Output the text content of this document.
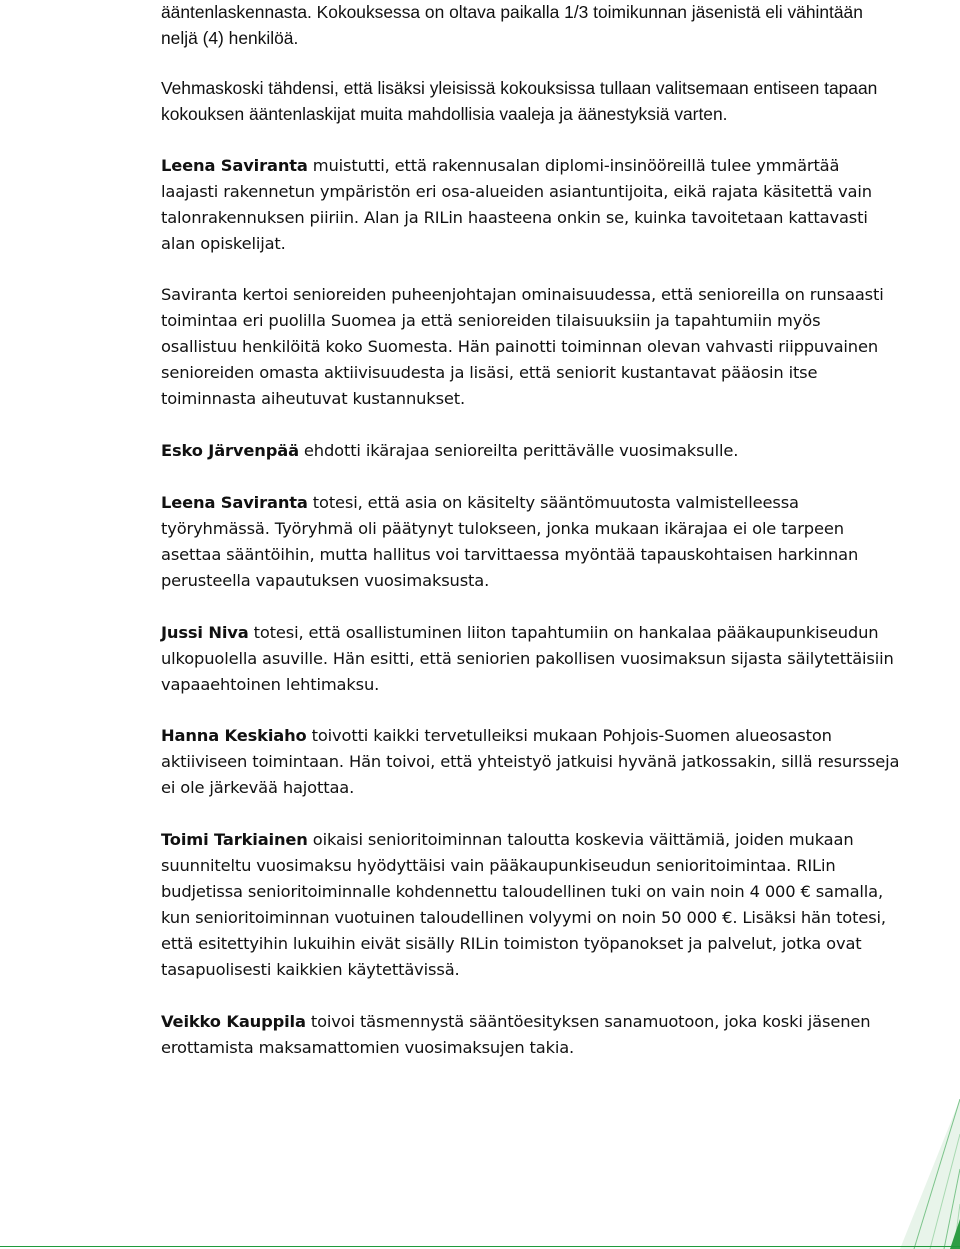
ääntenlaskennasta. Kokouksessa on oltava paikalla 1/3 toimikunnan jäsenistä eli vähintään neljä (4) henkilöä.

Vehmaskoski tähdensi, että lisäksi yleisissä kokouksissa tullaan valitsemaan entiseen tapaan kokouksen ääntenlaskijat muita mahdollisia vaaleja ja äänestyksiä varten.

Leena Saviranta muistutti, että rakennusalan diplomi-insinööreillä tulee ymmärtää laajasti rakennetun ympäristön eri osa-alueiden asiantuntijoita, eikä rajata käsitettä vain talonrakennuksen piiriin. Alan ja RILin haasteena onkin se, kuinka tavoitetaan kattavasti alan opiskelijat.

Saviranta kertoi senioreiden puheenjohtajan ominaisuudessa, että senioreilla on runsaasti toimintaa eri puolilla Suomea ja että senioreiden tilaisuuksiin ja tapahtumiin myös osallistuu henkilöitä koko Suomesta. Hän painotti toiminnan olevan vahvasti riippuvainen senioreiden omasta aktiivisuudesta ja lisäsi, että seniorit kustantavat pääosin itse toiminnasta aiheutuvat kustannukset.

Esko Järvenpää ehdotti ikärajaa senioreilta perittävälle vuosimaksulle.

Leena Saviranta totesi, että asia on käsitelty sääntömuutosta valmistelleessa työryhmässä. Työryhmä oli päätynyt tulokseen, jonka mukaan ikärajaa ei ole tarpeen asettaa sääntöihin, mutta hallitus voi tarvittaessa myöntää tapauskohtaisen harkinnan perusteella vapautuksen vuosimaksusta.

Jussi Niva totesi, että osallistuminen liiton tapahtumiin on hankalaa pääkaupunkiseudun ulkopuolella asuville. Hän esitti, että seniorien pakollisen vuosimaksun sijasta säilytettäisiin vapaaehtoinen lehtimaksu.

Hanna Keskiaho toivotti kaikki tervetulleiksi mukaan Pohjois-Suomen alueosaston aktiiviseen toimintaan. Hän toivoi, että yhteistyö jatkuisi hyvänä jatkossakin, sillä resursseja ei ole järkevää hajottaa.

Toimi Tarkiainen oikaisi senioritoiminnan taloutta koskevia väittämiä, joiden mukaan suunniteltu vuosimaksu hyödyttäisi vain pääkaupunkiseudun senioritoimintaa. RILin budjetissa senioritoiminnalle kohdennettu taloudellinen tuki on vain noin 4 000 € samalla, kun senioritoiminnan vuotuinen taloudellinen volyymi on noin 50 000 €. Lisäksi hän totesi, että esitettyihin lukuihin eivät sisälly RILin toimiston työpanokset ja palvelut, jotka ovat tasapuolisesti kaikkien käytettävissä.

Veikko Kauppila toivoi täsmennystä sääntöesityksen sanamuotoon, joka koski jäsenen erottamista maksamattomien vuosimaksujen takia.
